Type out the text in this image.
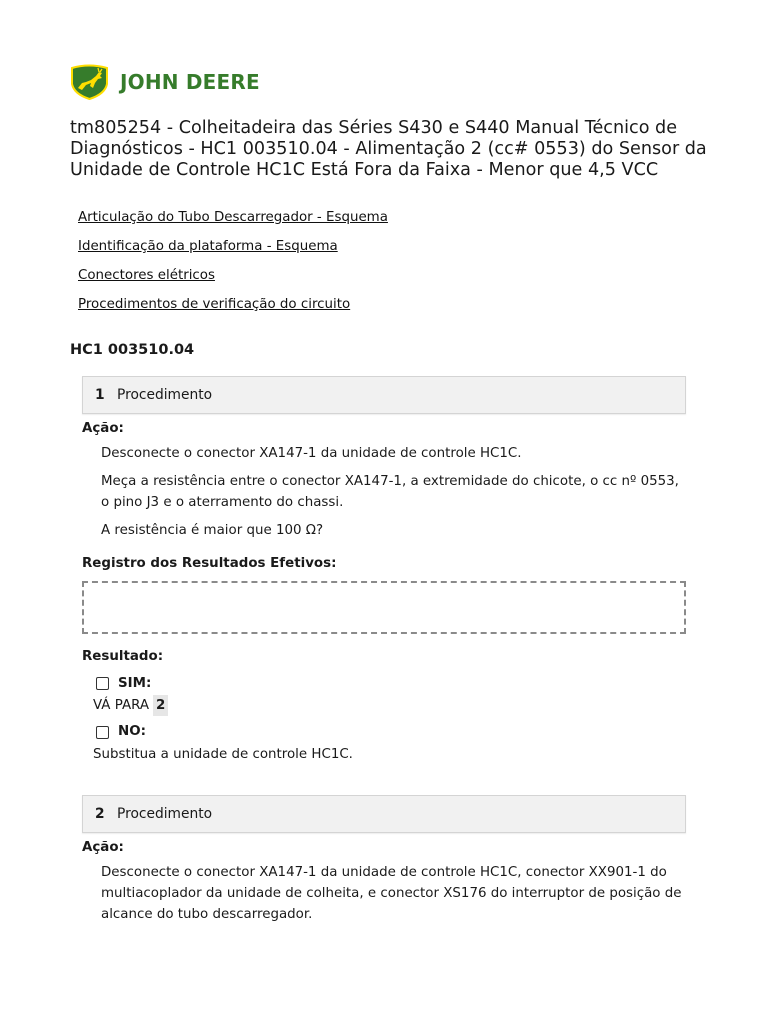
JOHN DEERE
tm805254 - Colheitadeira das Séries S430 e S440 Manual Técnico de Diagnósticos - HC1 003510.04 - Alimentação 2 (cc# 0553) do Sensor da Unidade de Controle HC1C Está Fora da Faixa - Menor que 4,5 VCC
Articulação do Tubo Descarregador - Esquema
Identificação da plataforma - Esquema
Conectores elétricos
Procedimentos de verificação do circuito
HC1 003510.04
1 Procedimento
Ação:
Desconecte o conector XA147-1 da unidade de controle HC1C.
Meça a resistência entre o conector XA147-1, a extremidade do chicote, o cc nº 0553, o pino J3 e o aterramento do chassi.
A resistência é maior que 100 Ω?
Registro dos Resultados Efetivos:
Resultado:
SIM:
VÁ PARA 2
NO:
Substitua a unidade de controle HC1C.
2 Procedimento
Ação:
Desconecte o conector XA147-1 da unidade de controle HC1C, conector XX901-1 do multiacoplador da unidade de colheita, e conector XS176 do interruptor de posição de alcance do tubo descarregador.
